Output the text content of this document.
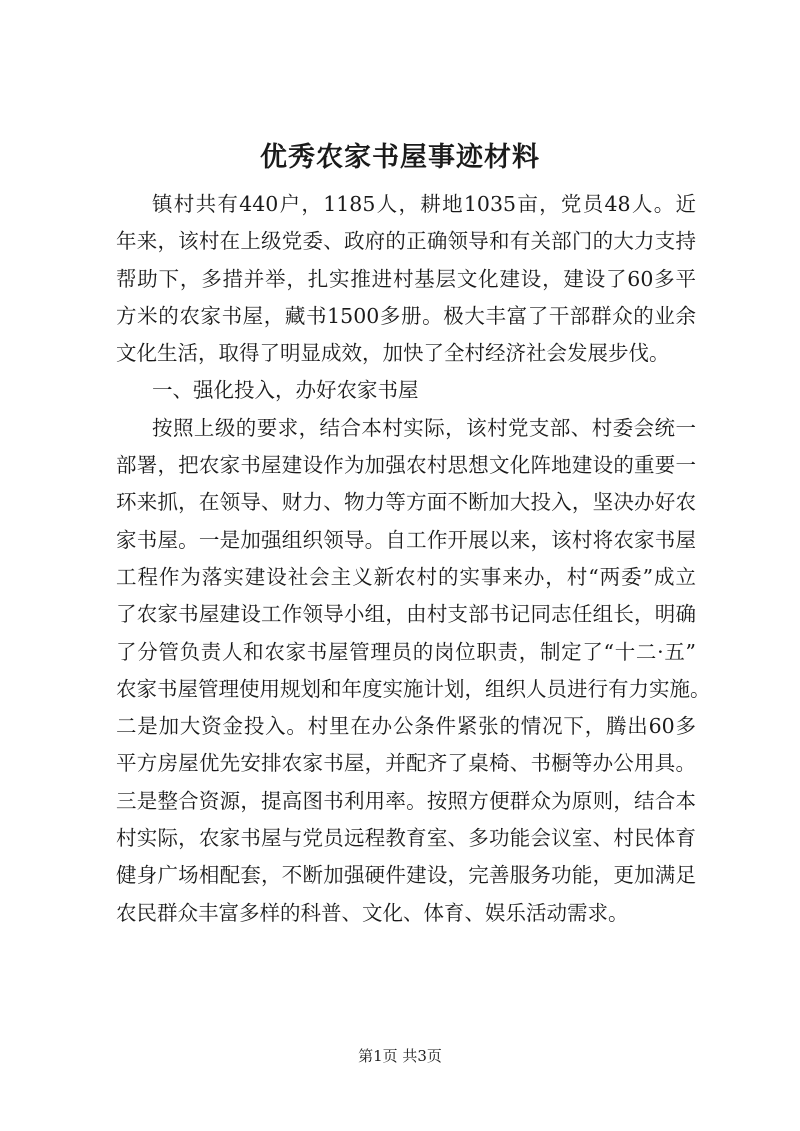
优秀农家书屋事迹材料
镇村共有440户，1185人，耕地1035亩，党员48人。近
年来，该村在上级党委、政府的正确领导和有关部门的大力支持
帮助下，多措并举，扎实推进村基层文化建设，建设了60多平
方米的农家书屋，藏书1500多册。极大丰富了干部群众的业余
文化生活，取得了明显成效，加快了全村经济社会发展步伐。
一、强化投入，办好农家书屋
按照上级的要求，结合本村实际，该村党支部、村委会统一
部署，把农家书屋建设作为加强农村思想文化阵地建设的重要一
环来抓，在领导、财力、物力等方面不断加大投入，坚决办好农
家书屋。一是加强组织领导。自工作开展以来，该村将农家书屋
工程作为落实建设社会主义新农村的实事来办，村“两委”成立
了农家书屋建设工作领导小组，由村支部书记同志任组长，明确
了分管负责人和农家书屋管理员的岗位职责，制定了“十二·五”
农家书屋管理使用规划和年度实施计划，组织人员进行有力实施。
二是加大资金投入。村里在办公条件紧张的情况下，腾出60多
平方房屋优先安排农家书屋，并配齐了桌椅、书橱等办公用具。
三是整合资源，提高图书利用率。按照方便群众为原则，结合本
村实际，农家书屋与党员远程教育室、多功能会议室、村民体育
健身广场相配套，不断加强硬件建设，完善服务功能，更加满足
农民群众丰富多样的科普、文化、体育、娱乐活动需求。
第1页 共3页
